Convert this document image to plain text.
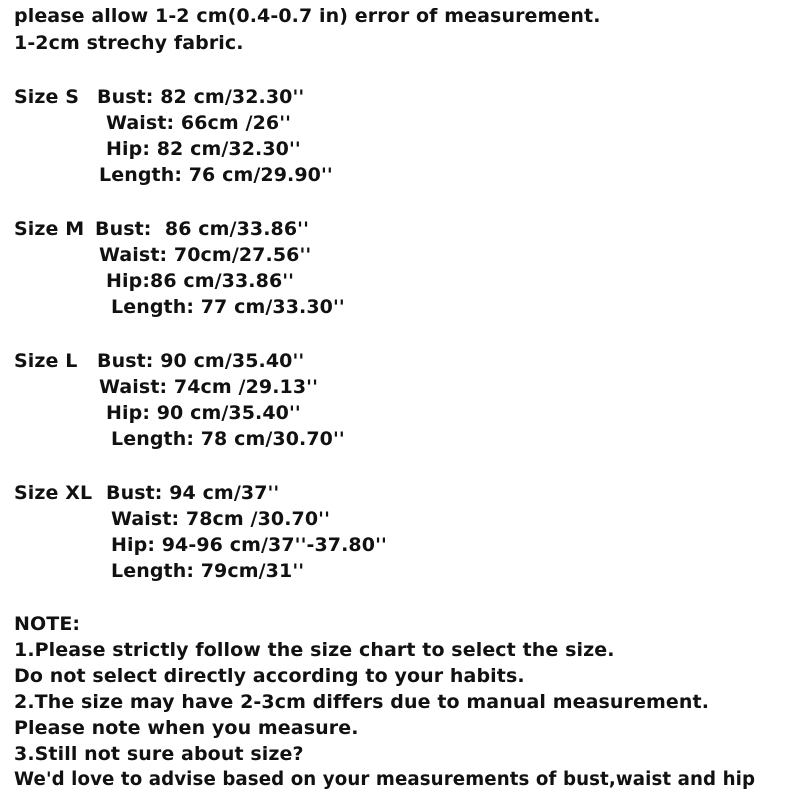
please allow 1-2 cm(0.4-0.7 in) error of measurement.
1-2cm strechy fabric.
Size S Bust: 82 cm/32.30''
Waist: 66cm /26''
Hip: 82 cm/32.30''
Length: 76 cm/29.90''
Size M Bust:  86 cm/33.86''
Waist: 70cm/27.56''
Hip:86 cm/33.86''
Length: 77 cm/33.30''
Size L Bust: 90 cm/35.40''
Waist: 74cm /29.13''
Hip: 90 cm/35.40''
Length: 78 cm/30.70''
Size XL Bust: 94 cm/37''
Waist: 78cm /30.70''
Hip: 94-96 cm/37''-37.80''
Length: 79cm/31''
NOTE:
1.Please strictly follow the size chart to select the size.
Do not select directly according to your habits.
2.The size may have 2-3cm differs due to manual measurement.
Please note when you measure.
3.Still not sure about size?
We'd love to advise based on your measurements of bust,waist and hip
